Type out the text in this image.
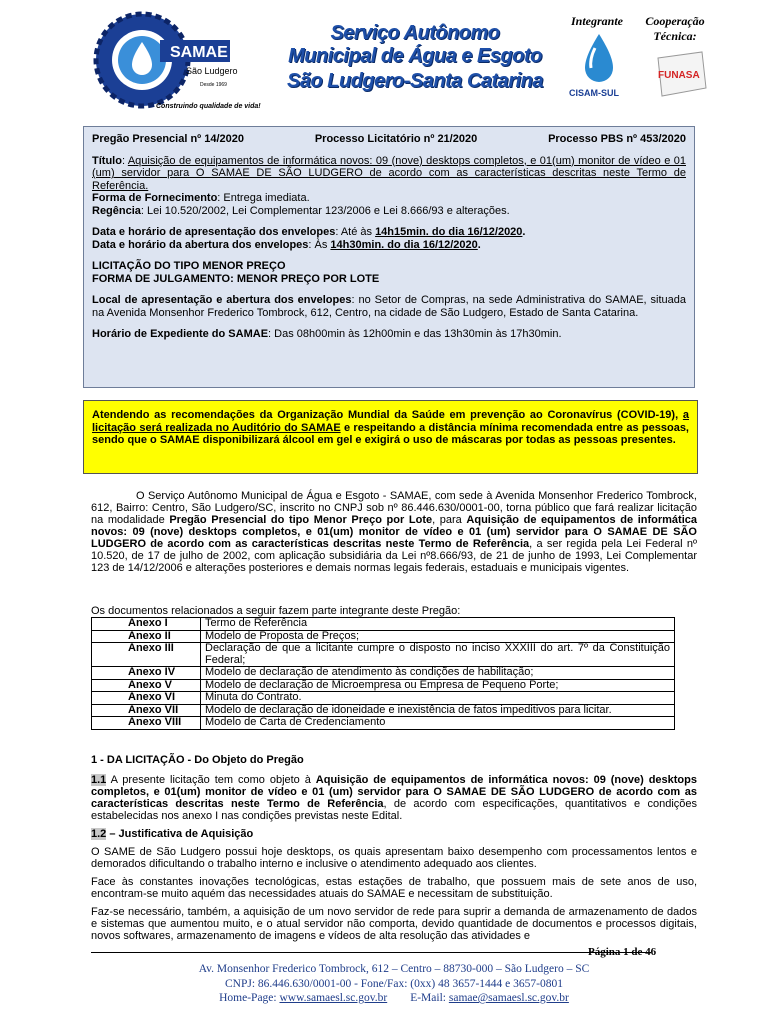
SAMAE
São Ludgero
Desde 1969
Construindo qualidade de vida!
Serviço Autônomo Municipal de Água e Esgoto
São Ludgero-Santa Catarina
Integrante	Cooperação Técnica:
CISAM-SUL
FUNASA
Pregão Presencial nº 14/2020	Processo Licitatório nº 21/2020	Processo PBS nº 453/2020

Título: Aquisição de equipamentos de informática novos: 09 (nove) desktops completos, e 01(um) monitor de vídeo e 01 (um) servidor para O SAMAE DE SÃO LUDGERO de acordo com as características descritas neste Termo de Referência.

Forma de Fornecimento: Entrega imediata.

Regência: Lei 10.520/2002, Lei Complementar 123/2006 e Lei 8.666/93 e alterações.

Data e horário de apresentação dos envelopes: Até às 14h15min. do dia 16/12/2020.

Data e horário da abertura dos envelopes: Às 14h30min. do dia 16/12/2020.

LICITAÇÃO DO TIPO MENOR PREÇO

FORMA DE JULGAMENTO: MENOR PREÇO POR LOTE

Local de apresentação e abertura dos envelopes: no Setor de Compras, na sede Administrativa do SAMAE, situada na Avenida Monsenhor Frederico Tombrock, 612, Centro, na cidade de São Ludgero, Estado de Santa Catarina.

Horário de Expediente do SAMAE: Das 08h00min às 12h00min e das 13h30min às 17h30min.

Atendendo as recomendações da Organização Mundial da Saúde em prevenção ao Coronavírus (COVID-19), a licitação será realizada no Auditório do SAMAE e respeitando a distância mínima recomendada entre as pessoas, sendo que o SAMAE disponibilizará álcool em gel e exigirá o uso de máscaras por todas as pessoas presentes.

O Serviço Autônomo Municipal de Água e Esgoto - SAMAE, com sede à Avenida Monsenhor Frederico Tombrock, 612, Bairro: Centro, São Ludgero/SC, inscrito no CNPJ sob nº 86.446.630/0001-00, torna público que fará realizar licitação na modalidade Pregão Presencial do tipo Menor Preço por Lote, para Aquisição de equipamentos de informática novos: 09 (nove) desktops completos, e 01(um) monitor de vídeo e 01 (um) servidor para O SAMAE DE SÃO LUDGERO de acordo com as características descritas neste Termo de Referência, a ser regida pela Lei Federal nº 10.520, de 17 de julho de 2002, com aplicação subsidiária da Lei nº8.666/93, de 21 de junho de 1993, Lei Complementar 123 de 14/12/2006 e alterações posteriores e demais normas legais federais, estaduais e municipais vigentes.

Os documentos relacionados a seguir fazem parte integrante deste Pregão:

Anexo I	Termo de Referência
Anexo II	Modelo de Proposta de Preços;
Anexo III	Declaração de que a licitante cumpre o disposto no inciso XXXIII do art. 7º da Constituição Federal;
Anexo IV	Modelo de declaração de atendimento às condições de habilitação;
Anexo V	Modelo de declaração de Microempresa ou Empresa de Pequeno Porte;
Anexo VI	Minuta do Contrato.
Anexo VII	Modelo de declaração de idoneidade e inexistência de fatos impeditivos para licitar.
Anexo VIII	Modelo de Carta de Credenciamento

1 - DA LICITAÇÃO - Do Objeto do Pregão

1.1 A presente licitação tem como objeto à Aquisição de equipamentos de informática novos: 09 (nove) desktops completos, e 01(um) monitor de vídeo e 01 (um) servidor para O SAMAE DE SÃO LUDGERO de acordo com as características descritas neste Termo de Referência, de acordo com especificações, quantitativos e condições estabelecidas nos anexo I nas condições previstas neste Edital.

1.2 – Justificativa de Aquisição

O SAME de São Ludgero possui hoje desktops, os quais apresentam baixo desempenho com processamentos lentos e demorados dificultando o trabalho interno e inclusive o atendimento adequado aos clientes.

Face às constantes inovações tecnológicas, estas estações de trabalho, que possuem mais de sete anos de uso, encontram-se muito aquém das necessidades atuais do SAMAE e necessitam de substituição.

Faz-se necessário, também, a aquisição de um novo servidor de rede para suprir a demanda de armazenamento de dados e sistemas que aumentou muito, e o atual servidor não comporta, devido quantidade de documentos e processos digitais, novos softwares, armazenamento de imagens e vídeos de alta resolução das atividades e

Página 1 de 46
Av. Monsenhor Frederico Tombrock, 612 – Centro – 88730-000 – São Ludgero – SC
CNPJ: 86.446.630/0001-00 - Fone/Fax: (0xx) 48 3657-1444 e 3657-0801
Home-Page: www.samaesl.sc.gov.br E-Mail: samae@samaesl.sc.gov.br
